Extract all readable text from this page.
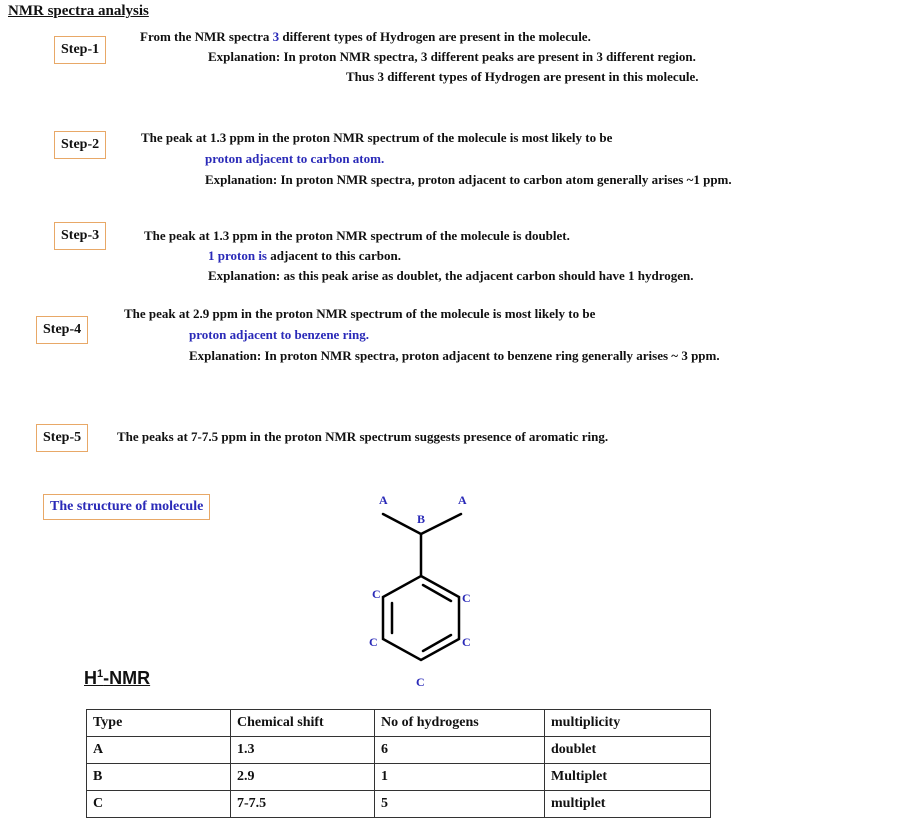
NMR spectra analysis
Step-1
From the NMR spectra 3 different types of Hydrogen are present in the molecule.
Explanation: In proton NMR spectra, 3 different peaks are present in 3 different region.
Thus 3 different types of Hydrogen are present in this molecule.
Step-2	The peak at 1.3 ppm in the proton NMR spectrum of the molecule is most likely to be
proton adjacent to carbon atom.
Explanation: In proton NMR spectra, proton adjacent to carbon atom generally arises ~1 ppm.
Step-3	The peak at 1.3 ppm in the proton NMR spectrum of the molecule is doublet.
1 proton is adjacent to this carbon.
Explanation: as this peak arise as doublet, the adjacent carbon should have 1 hydrogen.
Step-4
The peak at 2.9 ppm in the proton NMR spectrum of the molecule is most likely to be
proton adjacent to benzene ring.
Explanation: In proton NMR spectra, proton adjacent to benzene ring generally arises ~ 3 ppm.
Step-5	The peaks at 7-7.5 ppm in the proton NMR spectrum suggests presence of aromatic ring.
The structure of molecule	A	A
B
C	C
C	C
C
$H^1$-NMR
Type	Chemical shift	No of hydrogens	multiplicity
A	1.3	6	doublet
B	2.9	1	Multiplet
C	7-7.5	5	multiplet
